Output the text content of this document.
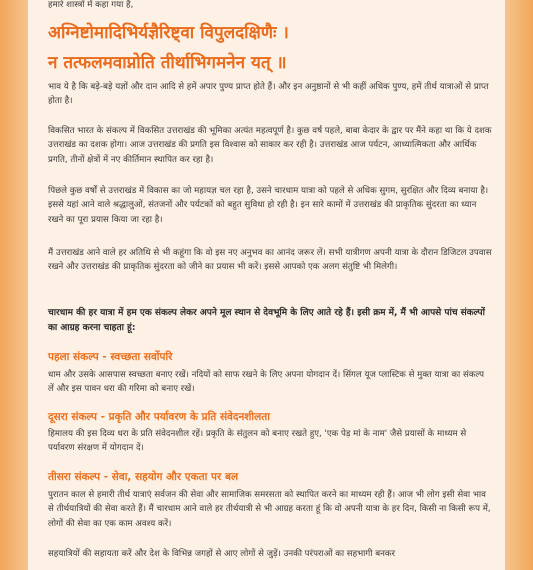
हमारे शास्त्रों में कहा गया है,

अग्निष्टोमादिभिर्यज्ञैरिष्ट्वा विपुलदक्षिणैः ।

न तत्फलमवाप्नोति तीर्थाभिगमनेन यत् ॥

भाव ये है कि बड़े-बड़े यज्ञों और दान आदि से हमें अपार पुण्य प्राप्त होते हैं। और इन अनुष्ठानों से भी कहीं अधिक पुण्य, हमें तीर्थ यात्राओं से प्राप्त होता है।

विकसित भारत के संकल्प में विकसित उत्तराखंड की भूमिका अत्यंत महत्वपूर्ण है। कुछ वर्ष पहले, बाबा केदार के द्वार पर मैंने कहा था कि ये दशक उत्तराखंड का दशक होगा। आज उत्तराखंड की प्रगति इस विश्वास को साकार कर रही है। उत्तराखंड आज पर्यटन, आध्यात्मिकता और आर्थिक प्रगति, तीनों क्षेत्रों में नए कीर्तिमान स्थापित कर रहा है।

पिछले कुछ वर्षों से उत्तराखंड में विकास का जो महायज्ञ चल रहा है, उसने चारधाम यात्रा को पहले से अधिक सुगम, सुरक्षित और दिव्य बनाया है। इससे यहां आने वाले श्रद्धालुओं, संतजनों और पर्यटकों को बहुत सुविधा हो रही है। इन सारे कामों में उत्तराखंड की प्राकृतिक सुंदरता का ध्यान रखने का पूरा प्रयास किया जा रहा है।

मैं उत्तराखंड आने वाले हर अतिथि से भी कहूंगा कि वो इस नए अनुभव का आनंद जरूर लें। सभी यात्रीगण अपनी यात्रा के दौरान डिजिटल उपवास रखने और उत्तराखंड की प्राकृतिक सुंदरता को जीने का प्रयास भी करें। इससे आपको एक अलग संतुष्टि भी मिलेगी।

चारधाम की हर यात्रा में हम एक संकल्प लेकर अपने मूल स्थान से देवभूमि के लिए आते रहे हैं। इसी क्रम में, मैं भी आपसे पांच संकल्पों का आग्रह करना चाहता हूं:

पहला संकल्प - स्वच्छता सर्वोपरि

धाम और उसके आसपास स्वच्छता बनाए रखें। नदियों को साफ रखने के लिए अपना योगदान दें। सिंगल यूज प्लास्टिक से मुक्त यात्रा का संकल्प लें और इस पावन धरा की गरिमा को बनाए रखें।

दूसरा संकल्प - प्रकृति और पर्यावरण के प्रति संवेदनशीलता

हिमालय की इस दिव्य धरा के प्रति संवेदनशील रहें। प्रकृति के संतुलन को बनाए रखते हुए, 'एक पेड़ मां के नाम' जैसे प्रयासों के माध्यम से पर्यावरण संरक्षण में योगदान दें।

तीसरा संकल्प - सेवा, सहयोग और एकता पर बल

पुरातन काल से हमारी तीर्थ यात्राएं सर्वजन की सेवा और सामाजिक समरसता को स्थापित करने का माध्यम रही हैं। आज भी लोग इसी सेवा भाव से तीर्थयात्रियों की सेवा करते हैं। मैं चारधाम आने वाले हर तीर्थयात्री से भी आग्रह करता हूं कि वो अपनी यात्रा के हर दिन, किसी ना किसी रूप में, लोगों की सेवा का एक काम अवश्य करें।

सहयात्रियों की सहायता करें और देश के विभिन्न जगहों से आए लोगों से जुड़ें। उनकी परंपराओं का सहभागी बनकर
